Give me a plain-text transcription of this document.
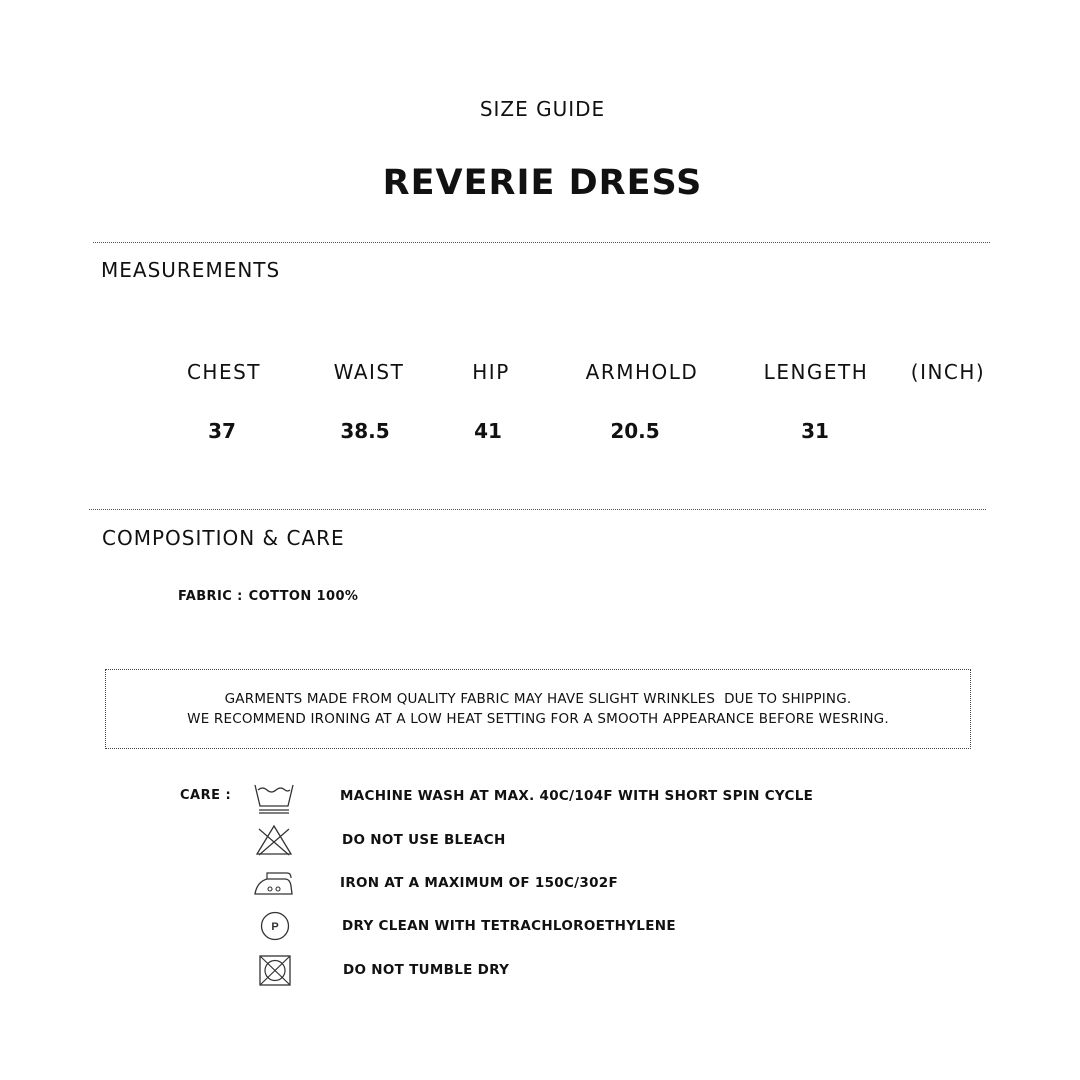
SIZE GUIDE
REVERIE DRESS
MEASUREMENTS
CHEST	WAIST	HIP	ARMHOLD	LENGETH (INCH)
37	38.5	41	20.5	31
COMPOSITION & CARE
FABRIC : COTTON 100%
GARMENTS MADE FROM QUALITY FABRIC MAY HAVE SLIGHT WRINKLES  DUE TO SHIPPING.
WE RECOMMEND IRONING AT A LOW HEAT SETTING FOR A SMOOTH APPEARANCE BEFORE WESRING.
CARE :	MACHINE WASH AT MAX. 40C/104F WITH SHORT SPIN CYCLE
DO NOT USE BLEACH
IRON AT A MAXIMUM OF 150C/302F
P	DRY CLEAN WITH TETRACHLOROETHYLENE
DO NOT TUMBLE DRY
